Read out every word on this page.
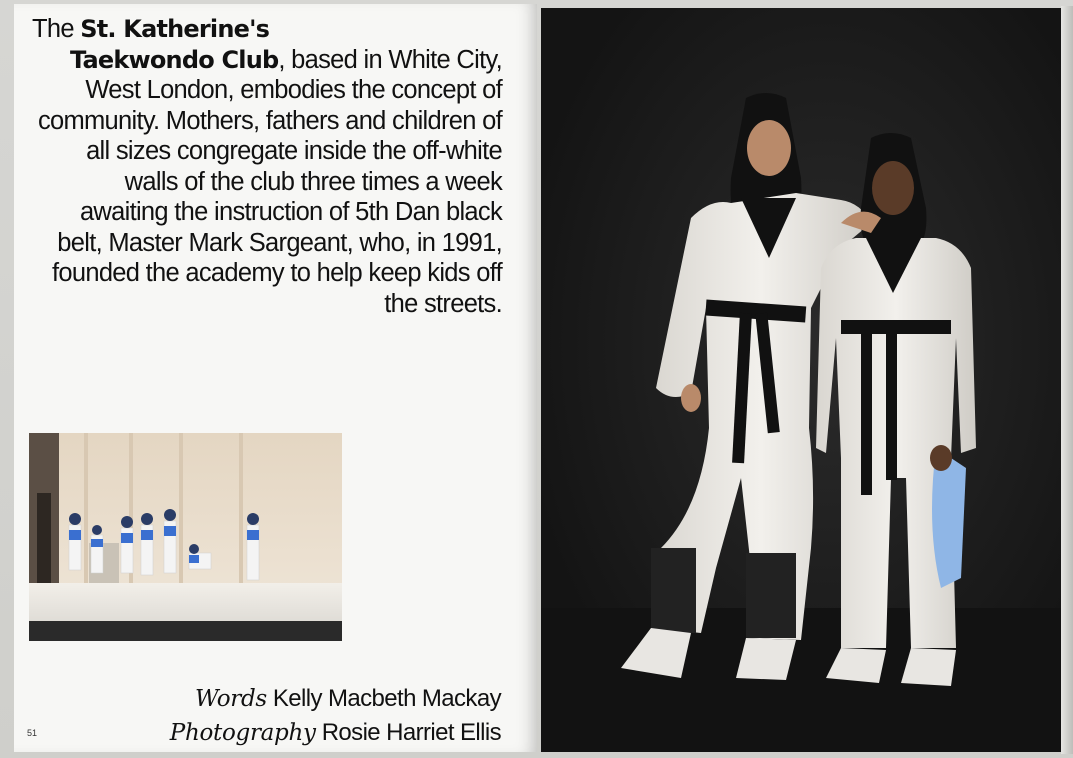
The St. Katherine's
Taekwondo Club, based in White City, West London, embodies the concept of community. Mothers, fathers and children of all sizes congregate inside the off-white walls of the club three times a week awaiting the instruction of 5th Dan black belt, Master Mark Sargeant, who, in 1991, founded the academy to help keep kids off the streets.

Words Kelly Macbeth Mackay
Photography Rosie Harriet Ellis
51
